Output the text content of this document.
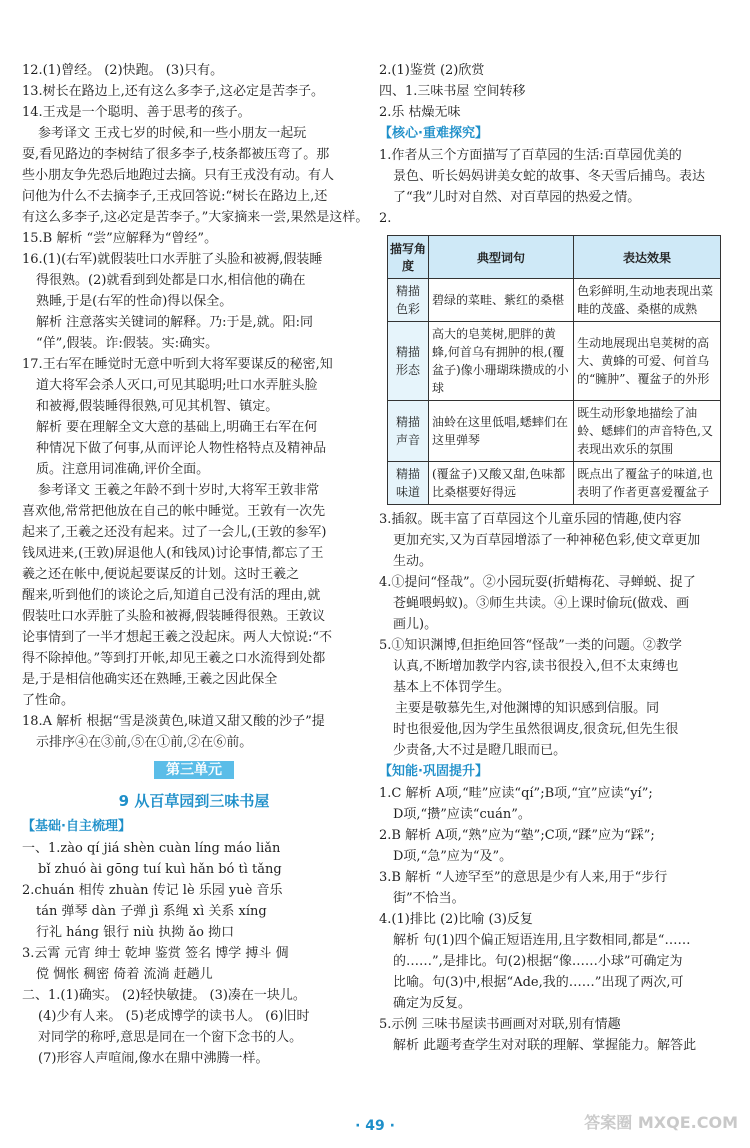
12.(1)曾经。 (2)快跑。 (3)只有。
13.树长在路边上,还有这么多李子,这必定是苦李子。
14.王戎是一个聪明、善于思考的孩子。
参考译文 王戎七岁的时候,和一些小朋友一起玩
耍,看见路边的李树结了很多李子,枝条都被压弯了。那
些小朋友争先恐后地跑过去摘。只有王戎没有动。有人
问他为什么不去摘李子,王戎回答说:“树长在路边上,还
有这么多李子,这必定是苦李子。”大家摘来一尝,果然是这样。
15.B 解析 “尝”应解释为“曾经”。
16.(1)(右军)就假装吐口水弄脏了头脸和被褥,假装睡
得很熟。(2)就看到到处都是口水,相信他的确在
熟睡,于是(右军的性命)得以保全。
解析 注意落实关键词的解释。乃:于是,就。阳:同
“佯”,假装。诈:假装。实:确实。
17.王右军在睡觉时无意中听到大将军要谋反的秘密,知
道大将军会杀人灭口,可见其聪明;吐口水弄脏头脸
和被褥,假装睡得很熟,可见其机智、镇定。
解析 要在理解全文大意的基础上,明确王右军在何
种情况下做了何事,从而评论人物性格特点及精神品
质。注意用词准确,评价全面。
参考译文 王羲之年龄不到十岁时,大将军王敦非常
喜欢他,常常把他放在自己的帐中睡觉。王敦有一次先
起来了,王羲之还没有起来。过了一会儿,(王敦的参军)
钱凤进来,(王敦)屏退他人(和钱凤)讨论事情,都忘了王
羲之还在帐中,便说起要谋反的计划。这时王羲之
醒来,听到他们的谈论之后,知道自己没有活的理由,就
假装吐口水弄脏了头脸和被褥,假装睡得很熟。王敦议
论事情到了一半才想起王羲之没起床。两人大惊说:“不
得不除掉他。”等到打开帐,却见王羲之口水流得到处都
是,于是相信他确实还在熟睡,王羲之因此保全
了性命。
18.A 解析 根据“雪是淡黄色,味道又甜又酸的沙子”提
示排序④在③前,⑤在①前,②在⑥前。
第三单元
9 从百草园到三味书屋
【基础·自主梳理】
一、1.zào qí jiá shèn cuàn líng máo liǎn
bǐ zhuó ài gōng tuí kuì hǎn bó tì tǎng
2.chuán 相传 zhuàn 传记 lè 乐园 yuè 音乐
tán 弹琴 dàn 子弹 jì 系绳 xì 关系 xíng
行礼 háng 银行 niù 执拗 ǎo 拗口
3.云霄 元宵 绅士 乾坤 鉴赏 签名 博学 搏斗 倜
傥 惆怅 稠密 倚着 流淌 赶趟儿
二、1.(1)确实。 (2)轻快敏捷。 (3)凑在一块儿。
(4)少有人来。 (5)老成博学的读书人。 (6)旧时
对同学的称呼,意思是同在一个窗下念书的人。
(7)形容人声喧闹,像水在鼎中沸腾一样。
2.(1)鉴赏 (2)欣赏
四、1.三味书屋 空间转移
2.乐 枯燥无味
【核心·重难探究】
1.作者从三个方面描写了百草园的生活:百草园优美的
景色、听长妈妈讲美女蛇的故事、冬天雪后捕鸟。表达
了“我”儿时对自然、对百草园的热爱之情。
2.
描写角度	典型词句	表达效果
精描色彩	碧绿的菜畦、紫红的桑椹	色彩鲜明,生动地表现出菜畦的茂盛、桑椹的成熟
精描形态	高大的皂荚树,肥胖的黄蜂,何首乌有拥肿的根,(覆盆子)像小珊瑚珠攒成的小球	生动地展现出皂荚树的高大、黄蜂的可爱、何首乌的“臃肿”、覆盆子的外形
精描声音	油蛉在这里低唱,蟋蟀们在这里弹琴	既生动形象地描绘了油蛉、蟋蟀们的声音特色,又表现出欢乐的氛围
精描味道	(覆盆子)又酸又甜,色味都比桑椹要好得远	既点出了覆盆子的味道,也表明了作者更喜爱覆盆子
3.插叙。既丰富了百草园这个儿童乐园的情趣,使内容
更加充实,又为百草园增添了一种神秘色彩,使文章更加
生动。
4.①提问“怪哉”。②小园玩耍(折蜡梅花、寻蝉蜕、捉了
苍蝇喂蚂蚁)。③师生共读。④上课时偷玩(做戏、画
画儿)。
5.①知识渊博,但拒绝回答“怪哉”一类的问题。②教学
认真,不断增加教学内容,读书很投入,但不太束缚也
基本上不体罚学生。
主要是敬慕先生,对他渊博的知识感到信服。同
时也很爱他,因为学生虽然很调皮,很贪玩,但先生很
少责备,大不过是瞪几眼而已。
【知能·巩固提升】
1.C 解析 A项,“畦”应读“qí”;B项,“宜”应读“yí”;
D项,“攒”应读“cuán”。
2.B 解析 A项,“熟”应为“塾”;C项,“蹂”应为“踩”;
D项,“急”应为“及”。
3.B 解析 “人迹罕至”的意思是少有人来,用于“步行
街”不恰当。
4.(1)排比 (2)比喻 (3)反复
解析 句(1)四个偏正短语连用,且字数相同,都是“……
的……”,是排比。句(2)根据“像……小球”可确定为
比喻。句(3)中,根据“Ade,我的……”出现了两次,可
确定为反复。
5.示例 三味书屋读书画画对对联,别有情趣
解析 此题考查学生对对联的理解、掌握能力。解答此
· 49 ·	答案圈 MXQE.COM
